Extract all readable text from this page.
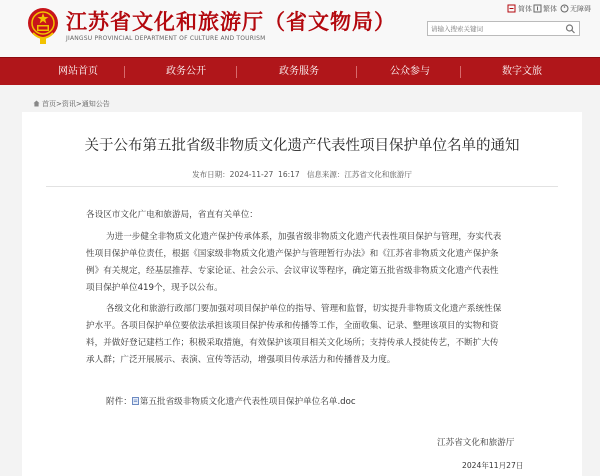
江苏省文化和旅游厅（省文物局）
JIANGSU PROVINCIAL DEPARTMENT OF CULTURE AND TOURISM
简体 繁体 无障碍
请输入搜索关键词
网站首页	政务公开	政务服务	公众参与	数字文旅
首页>资讯>通知公告
关于公布第五批省级非物质文化遗产代表性项目保护单位名单的通知
发布日期：2024-11-27 16:17 信息来源：江苏省文化和旅游厅
各设区市文化广电和旅游局，省直有关单位：
为进一步健全非物质文化遗产保护传承体系，加强省级非物质文化遗产代表性项目保护与管理，夯实代表
性项目保护单位责任，根据《国家级非物质文化遗产保护与管理暂行办法》和《江苏省非物质文化遗产保护条
例》有关规定，经基层推荐、专家论证、社会公示、会议审议等程序，确定第五批省级非物质文化遗产代表性
项目保护单位419个，现予以公布。
各级文化和旅游行政部门要加强对项目保护单位的指导、管理和监督，切实提升非物质文化遗产系统性保
护水平。各项目保护单位要依法承担该项目保护传承和传播等工作，全面收集、记录、整理该项目的实物和资
料，并做好登记建档工作；积极采取措施，有效保护该项目相关文化场所；支持传承人授徒传艺，不断扩大传
承人群；广泛开展展示、表演、宣传等活动，增强项目传承活力和传播普及力度。
附件： 第五批省级非物质文化遗产代表性项目保护单位名单.doc
江苏省文化和旅游厅
2024年11月27日
